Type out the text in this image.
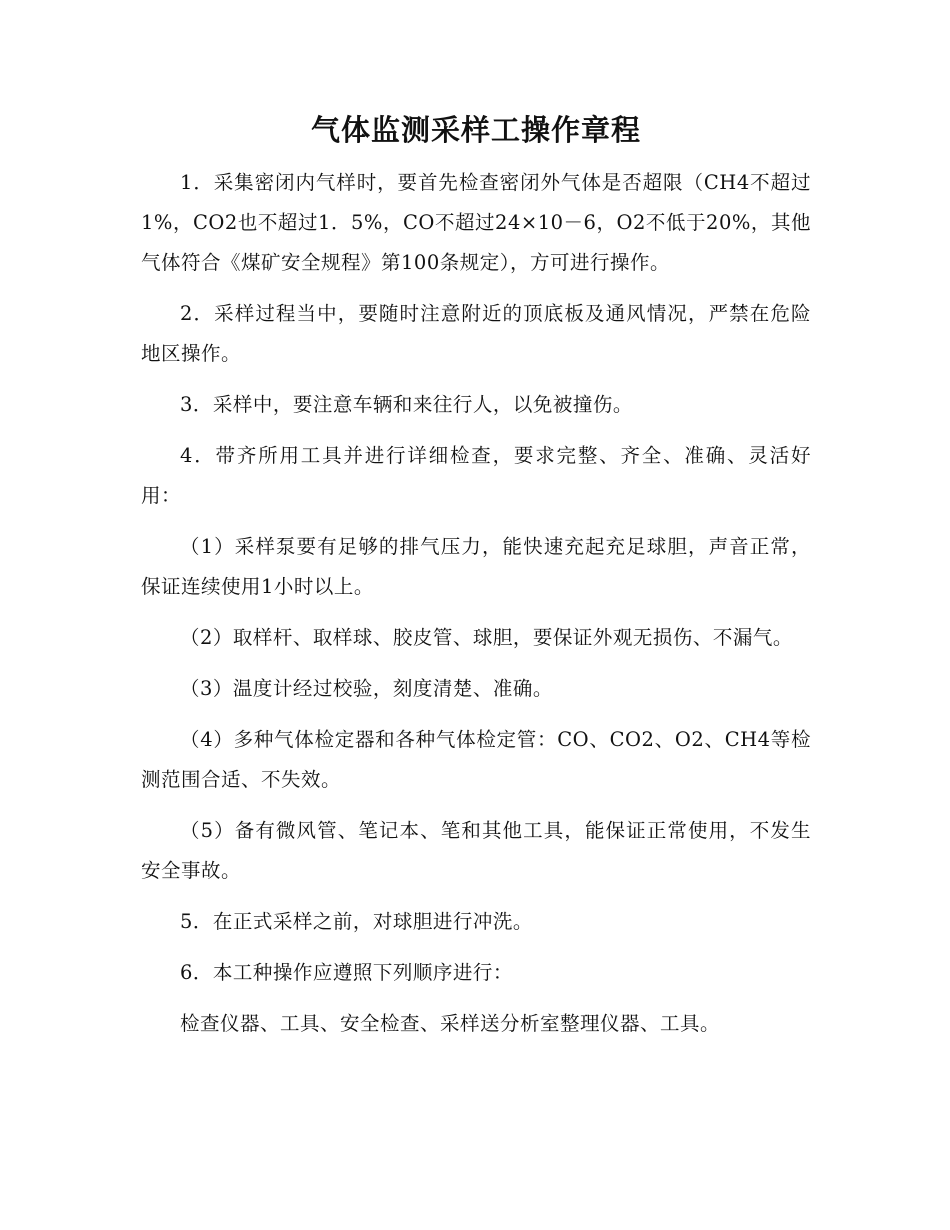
气体监测采样工操作章程

1．采集密闭内气样时，要首先检查密闭外气体是否超限（CH4不超过1%，CO2也不超过1．5%，CO不超过24×10－6，O2不低于20%，其他气体符合《煤矿安全规程》第100条规定），方可进行操作。

2．采样过程当中，要随时注意附近的顶底板及通风情况，严禁在危险地区操作。

3．采样中，要注意车辆和来往行人，以免被撞伤。

4．带齐所用工具并进行详细检查，要求完整、齐全、准确、灵活好用：

（1）采样泵要有足够的排气压力，能快速充起充足球胆，声音正常，保证连续使用1小时以上。

（2）取样杆、取样球、胶皮管、球胆，要保证外观无损伤、不漏气。

（3）温度计经过校验，刻度清楚、准确。

（4）多种气体检定器和各种气体检定管：CO、CO2、O2、CH4等检测范围合适、不失效。

（5）备有微风管、笔记本、笔和其他工具，能保证正常使用，不发生安全事故。

5．在正式采样之前，对球胆进行冲洗。

6．本工种操作应遵照下列顺序进行：

检查仪器、工具、安全检查、采样送分析室整理仪器、工具。
